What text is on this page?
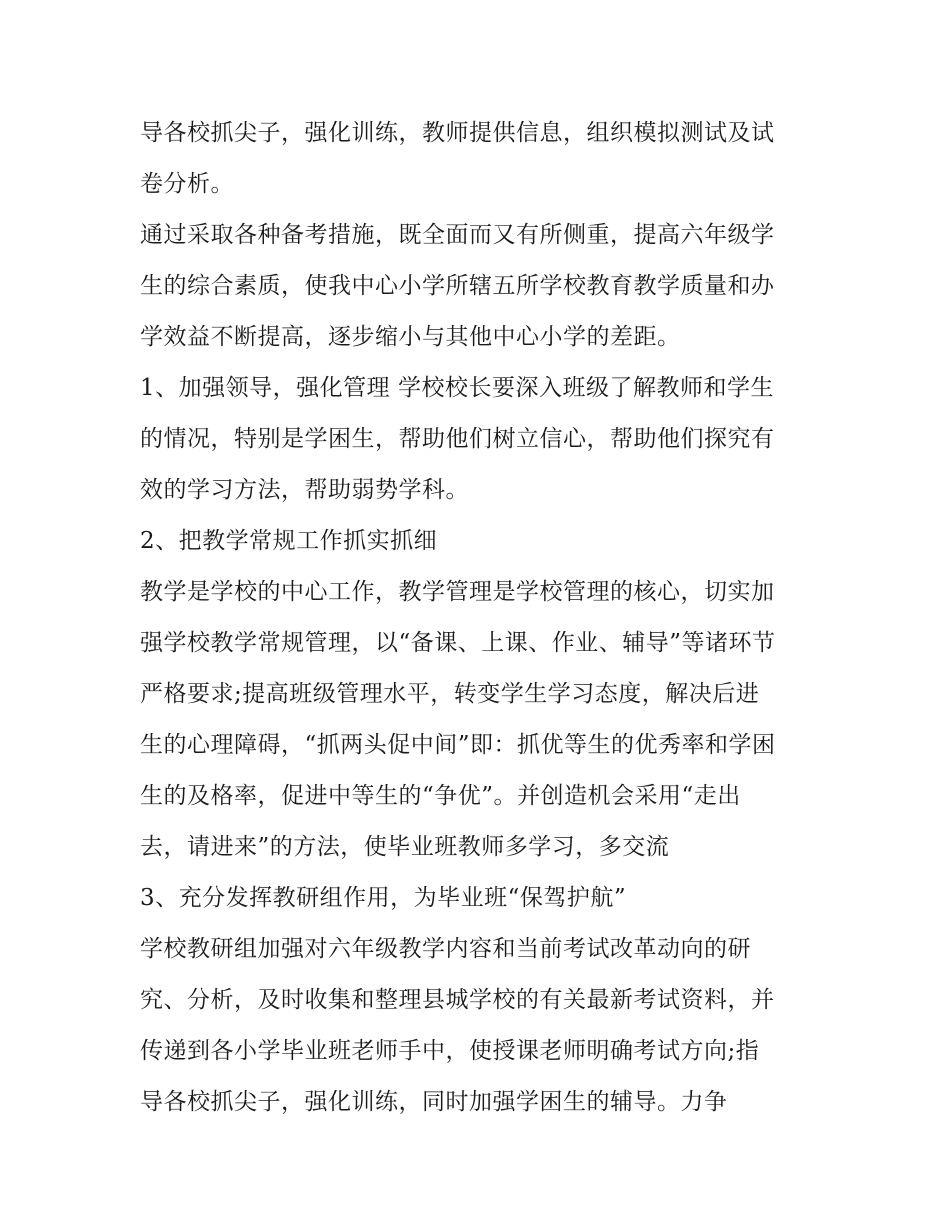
导各校抓尖子，强化训练，教师提供信息，组织模拟测试及试
卷分析。
通过采取各种备考措施，既全面而又有所侧重，提高六年级学
生的综合素质，使我中心小学所辖五所学校教育教学质量和办
学效益不断提高，逐步缩小与其他中心小学的差距。
1、加强领导，强化管理 学校校长要深入班级了解教师和学生
的情况，特别是学困生，帮助他们树立信心，帮助他们探究有
效的学习方法，帮助弱势学科。
2、把教学常规工作抓实抓细
教学是学校的中心工作，教学管理是学校管理的核心，切实加
强学校教学常规管理，以“备课、上课、作业、辅导”等诸环节
严格要求;提高班级管理水平，转变学生学习态度，解决后进
生的心理障碍，“抓两头促中间”即：抓优等生的优秀率和学困
生的及格率，促进中等生的“争优”。并创造机会采用“走出
去，请进来”的方法，使毕业班教师多学习，多交流
3、充分发挥教研组作用，为毕业班“保驾护航”
学校教研组加强对六年级教学内容和当前考试改革动向的研
究、分析，及时收集和整理县城学校的有关最新考试资料，并
传递到各小学毕业班老师手中，使授课老师明确考试方向;指
导各校抓尖子，强化训练，同时加强学困生的辅导。力争
